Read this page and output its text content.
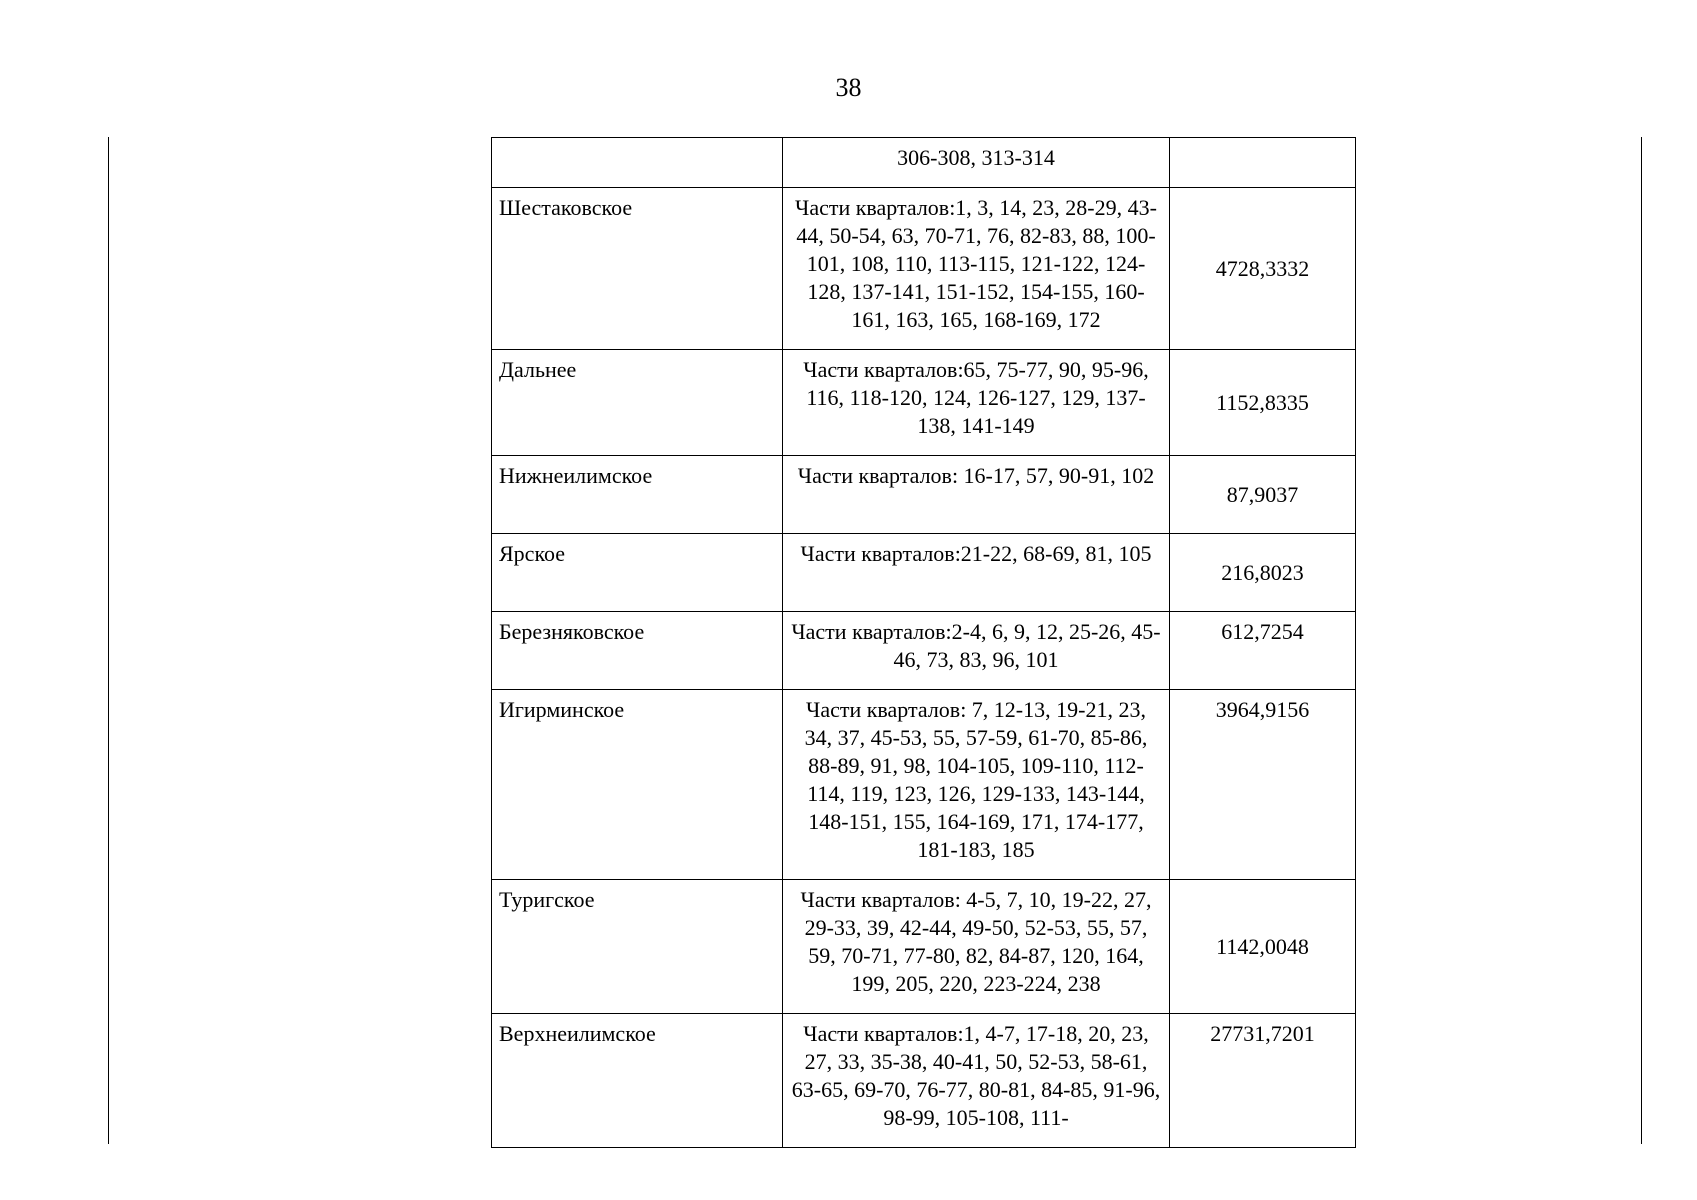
38
	306-308, 313-314	
Шестаковское	Части кварталов:1, 3, 14, 23, 28-29, 43-44, 50-54, 63, 70-71, 76, 82-83, 88, 100-101, 108, 110, 113-115, 121-122, 124-128, 137-141, 151-152, 154-155, 160-161, 163, 165, 168-169, 172	4728,3332
Дальнее	Части кварталов:65, 75-77, 90, 95-96, 116, 118-120, 124, 126-127, 129, 137-138, 141-149	1152,8335
Нижнеилимское	Части кварталов: 16-17, 57, 90-91, 102	87,9037
Ярское	Части кварталов:21-22, 68-69, 81, 105	216,8023
Березняковское	Части кварталов:2-4, 6, 9, 12, 25-26, 45-46, 73, 83, 96, 101	612,7254
Игирминское	Части кварталов: 7, 12-13, 19-21, 23, 34, 37, 45-53, 55, 57-59, 61-70, 85-86, 88-89, 91, 98, 104-105, 109-110, 112-114, 119, 123, 126, 129-133, 143-144, 148-151, 155, 164-169, 171, 174-177, 181-183, 185	3964,9156
Туригское	Части кварталов: 4-5, 7, 10, 19-22, 27, 29-33, 39, 42-44, 49-50, 52-53, 55, 57, 59, 70-71, 77-80, 82, 84-87, 120, 164, 199, 205, 220, 223-224, 238	1142,0048
Верхнеилимское	Части кварталов:1, 4-7, 17-18, 20, 23, 27, 33, 35-38, 40-41, 50, 52-53, 58-61, 63-65, 69-70, 76-77, 80-81, 84-85, 91-96, 98-99, 105-108, 111-	27731,7201
